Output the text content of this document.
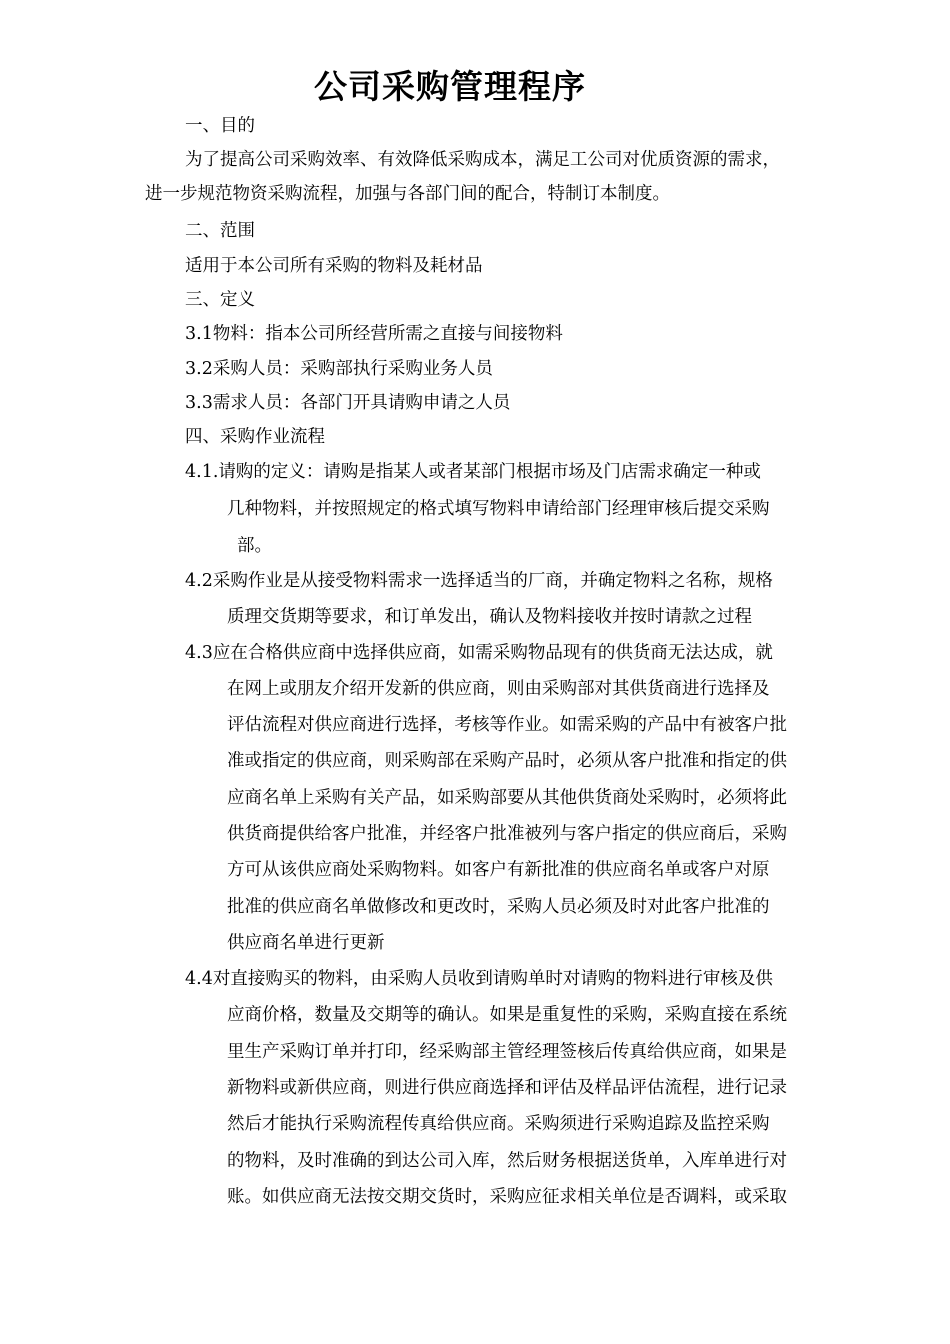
公司采购管理程序

一、目的

为了提高公司采购效率、有效降低采购成本，满足工公司对优质资源的需求，

进一步规范物资采购流程，加强与各部门间的配合，特制订本制度。

二、范围

适用于本公司所有采购的物料及耗材品

三、定义

3.1物料：指本公司所经营所需之直接与间接物料

3.2采购人员：采购部执行采购业务人员

3.3需求人员：各部门开具请购申请之人员

四、采购作业流程

4.1.请购的定义：请购是指某人或者某部门根据市场及门店需求确定一种或

几种物料，并按照规定的格式填写物料申请给部门经理审核后提交采购

部。

4.2采购作业是从接受物料需求一选择适当的厂商，并确定物料之名称，规格

质理交货期等要求，和订单发出，确认及物料接收并按时请款之过程

4.3应在合格供应商中选择供应商，如需采购物品现有的供货商无法达成，就

在网上或朋友介绍开发新的供应商，则由采购部对其供货商进行选择及

评估流程对供应商进行选择，考核等作业。如需采购的产品中有被客户批

准或指定的供应商，则采购部在采购产品时，必须从客户批准和指定的供

应商名单上采购有关产品，如采购部要从其他供货商处采购时，必须将此

供货商提供给客户批准，并经客户批准被列与客户指定的供应商后，采购

方可从该供应商处采购物料。如客户有新批准的供应商名单或客户对原

批准的供应商名单做修改和更改时，采购人员必须及时对此客户批准的

供应商名单进行更新

4.4对直接购买的物料，由采购人员收到请购单时对请购的物料进行审核及供

应商价格，数量及交期等的确认。如果是重复性的采购，采购直接在系统

里生产采购订单并打印，经采购部主管经理签核后传真给供应商，如果是

新物料或新供应商，则进行供应商选择和评估及样品评估流程，进行记录

然后才能执行采购流程传真给供应商。采购须进行采购追踪及监控采购

的物料，及时准确的到达公司入库，然后财务根据送货单，入库单进行对

账。如供应商无法按交期交货时，采购应征求相关单位是否调料，或采取
